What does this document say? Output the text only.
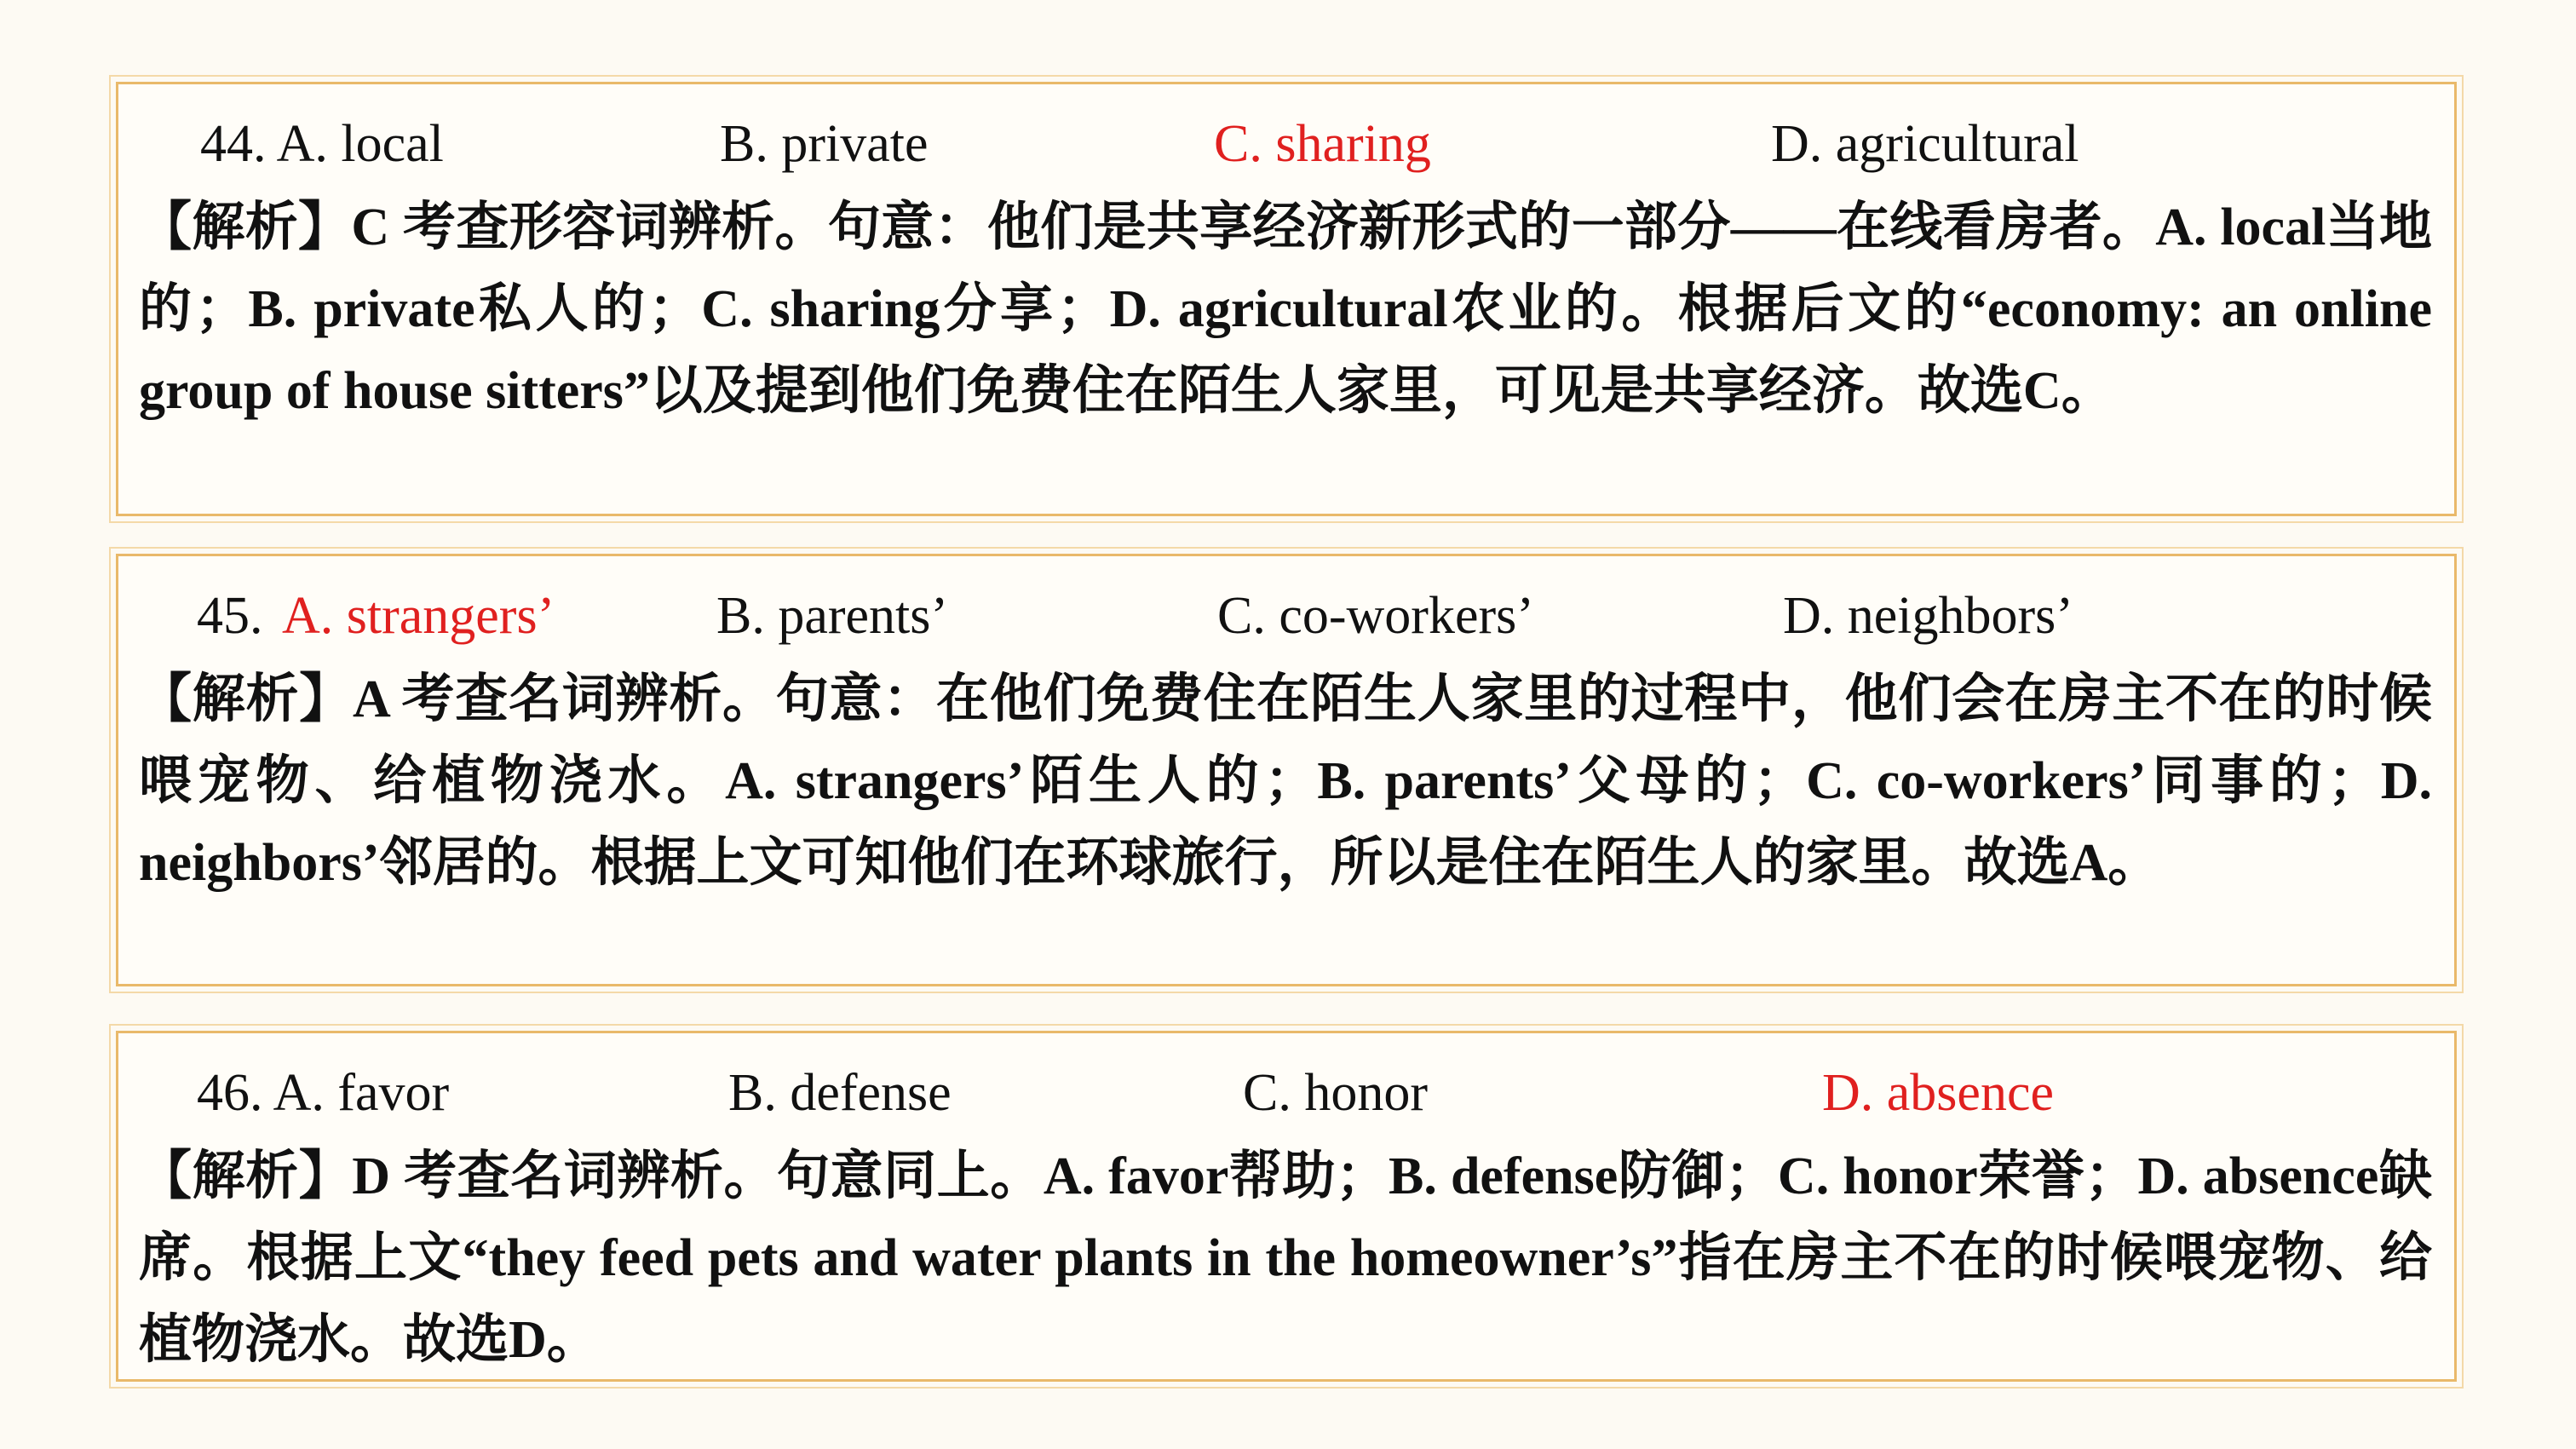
44. A. local	B. private	C. sharing	D. agricultural
【解析】C 考查形容词辨析。句意：他们是共享经济新形式的一部分——在线看房者。A. local当地的；B. private私人的；C. sharing分享；D. agricultural农业的。根据后文的“economy: an online group of house sitters”以及提到他们免费住在陌生人家里，可见是共享经济。故选C。
45. A. strangers’	B. parents’	C. co-workers’	D. neighbors’
【解析】A 考查名词辨析。句意：在他们免费住在陌生人家里的过程中，他们会在房主不在的时候喂宠物、给植物浇水。A. strangers’陌生人的；B. parents’父母的；C. co-workers’同事的；D. neighbors’邻居的。根据上文可知他们在环球旅行，所以是住在陌生人的家里。故选A。
46. A. favor	B. defense	C. honor	D. absence
【解析】D 考查名词辨析。句意同上。A. favor帮助；B. defense防御；C. honor荣誉；D. absence缺席。根据上文“they feed pets and water plants in the homeowner’s”指在房主不在的时候喂宠物、给植物浇水。故选D。
